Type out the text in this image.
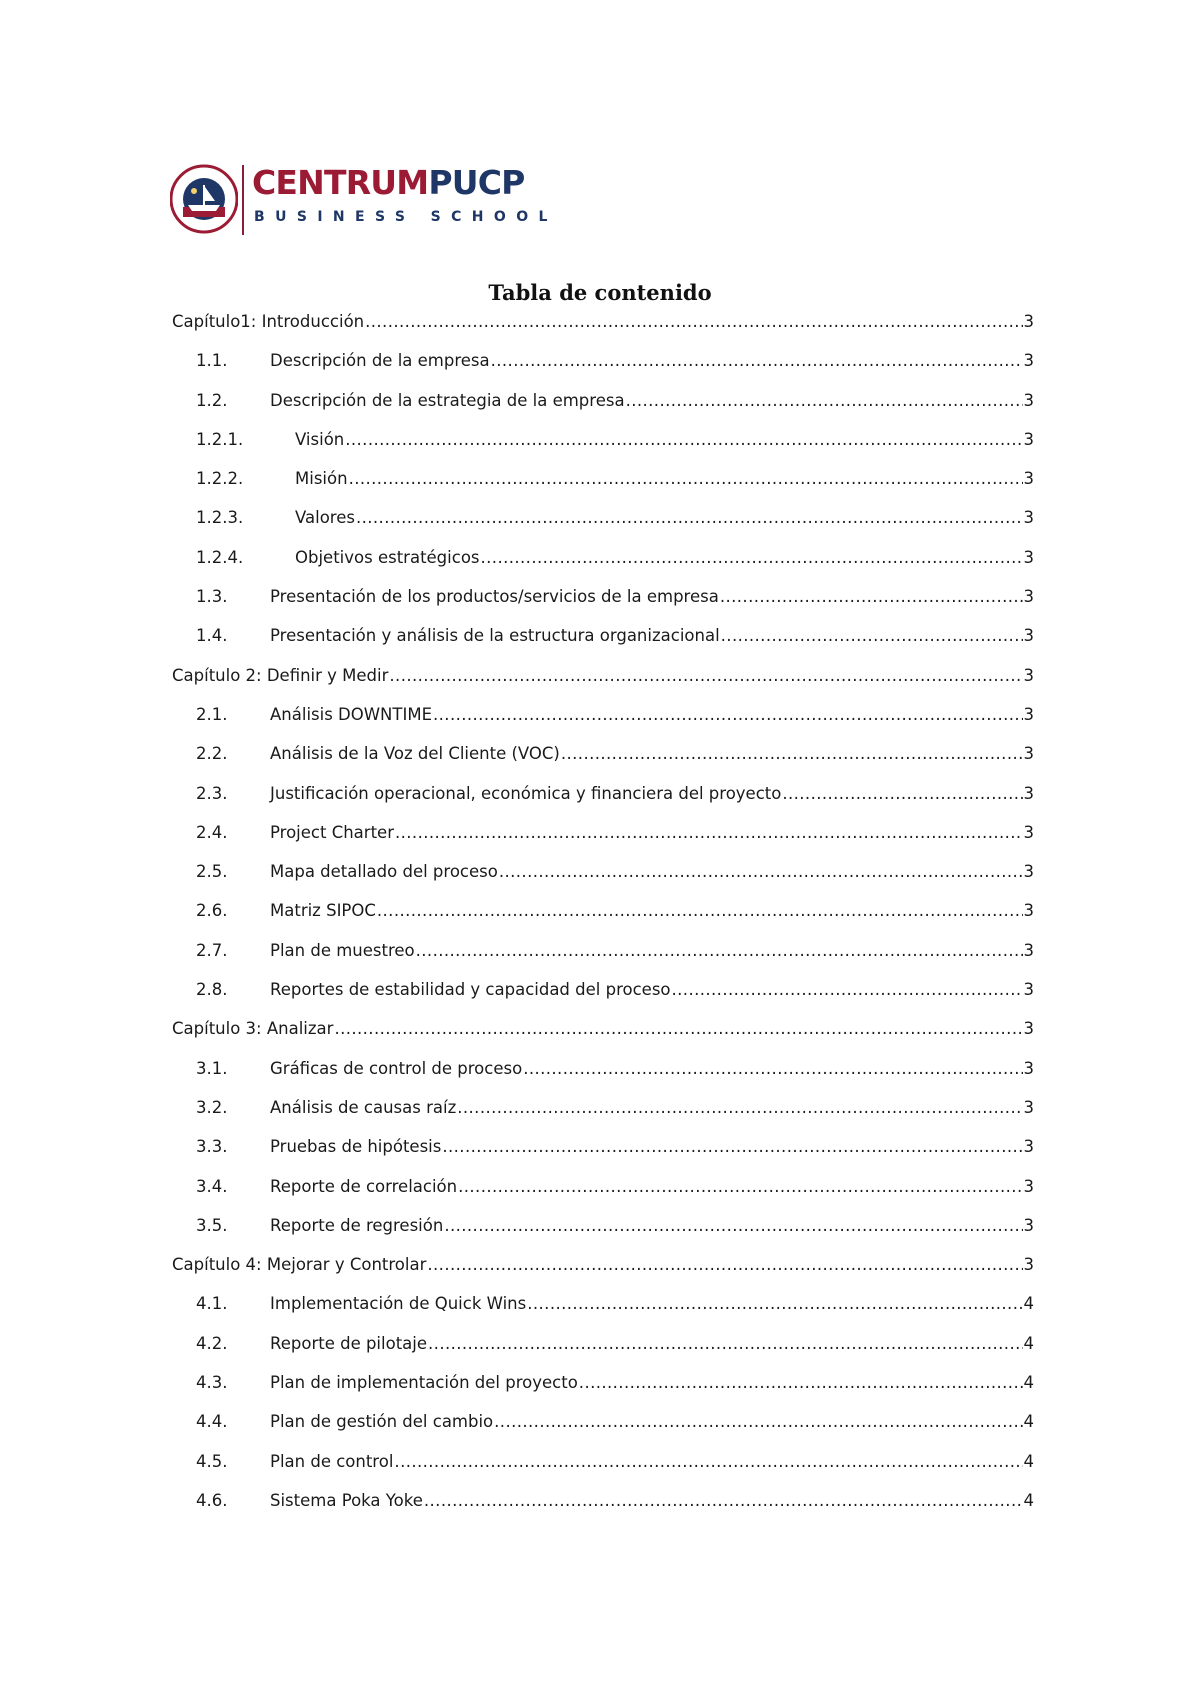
CENTRUMPUCP
BUSINESS SCHOOL
Tabla de contenido
Capítulo1: Introducción .....	3
1.1.	Descripción de la empresa .....	3
1.2.	Descripción de la estrategia de la empresa .....	3
1.2.1.	Visión .....	3
1.2.2.	Misión .....	3
1.2.3.	Valores .....	3
1.2.4.	Objetivos estratégicos .....	3
1.3.	Presentación de los productos/servicios de la empresa .....	3
1.4.	Presentación y análisis de la estructura organizacional .....	3
Capítulo 2: Definir y Medir .....	3
2.1.	Análisis DOWNTIME .....	3
2.2.	Análisis de la Voz del Cliente (VOC) .....	3
2.3.	Justificación operacional, económica y financiera del proyecto .....	3
2.4.	Project Charter .....	3
2.5.	Mapa detallado del proceso .....	3
2.6.	Matriz SIPOC .....	3
2.7.	Plan de muestreo .....	3
2.8.	Reportes de estabilidad y capacidad del proceso .....	3
Capítulo 3: Analizar .....	3
3.1.	Gráficas de control de proceso .....	3
3.2.	Análisis de causas raíz .....	3
3.3.	Pruebas de hipótesis .....	3
3.4.	Reporte de correlación .....	3
3.5.	Reporte de regresión .....	3
Capítulo 4: Mejorar y Controlar .....	3
4.1.	Implementación de Quick Wins .....	4
4.2.	Reporte de pilotaje .....	4
4.3.	Plan de implementación del proyecto .....	4
4.4.	Plan de gestión del cambio .....	4
4.5.	Plan de control .....	4
4.6.	Sistema Poka Yoke .....	4
